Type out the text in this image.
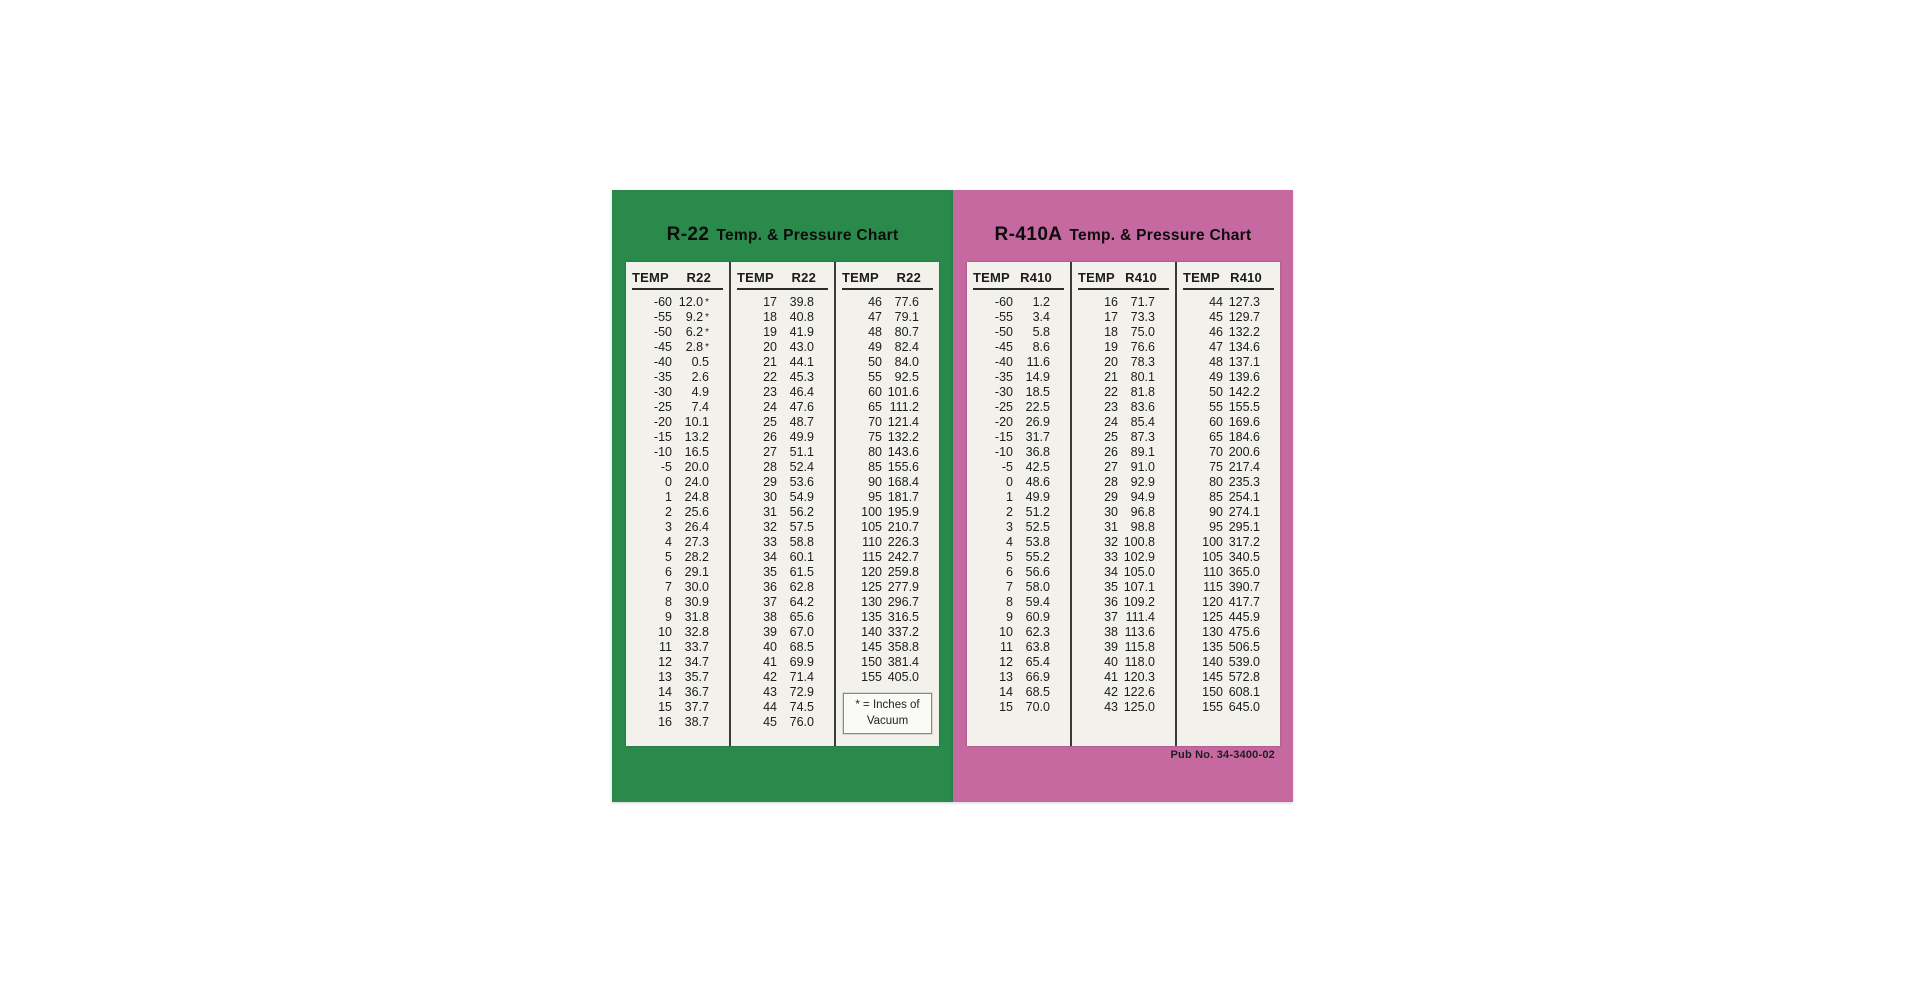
R-22 Temp. & Pressure Chart
TEMP	R22
-60 12.0 *
-55	9.2 *
-50	6.2 *
-45	2.8 *
-40	0.5
-35	2.6
-30	4.9
-25	7.4
-20	10.1
-15	13.2
-10	16.5
-5	20.0
0	24.0
1	24.8
2	25.6
3	26.4
4	27.3
5	28.2
6	29.1
7	30.0
8	30.9
9	31.8
10	32.8
11	33.7
12	34.7
13	35.7
14	36.7
15	37.7
16	38.7
TEMP	R22
17	39.8
18	40.8
19	41.9
20	43.0
21	44.1
22	45.3
23	46.4
24	47.6
25	48.7
26	49.9
27	51.1
28	52.4
29	53.6
30	54.9
31	56.2
32	57.5
33	58.8
34	60.1
35	61.5
36	62.8
37	64.2
38	65.6
39	67.0
40	68.5
41	69.9
42	71.4
43	72.9
44	74.5
45	76.0
TEMP	R22
46	77.6
47	79.1
48	80.7
49	82.4
50	84.0
55	92.5
60 101.6
65 111.2
70 121.4
75 132.2
80 143.6
85 155.6
90 168.4
95 181.7
100 195.9
105 210.7
110 226.3
115 242.7
120 259.8
125 277.9
130 296.7
135 316.5
140 337.2
145 358.8
150 381.4
155 405.0
* = Inches of
Vacuum
R-410A Temp. & Pressure Chart
TEMP R410
-60	1.2
-55	3.4
-50	5.8
-45	8.6
-40	11.6
-35	14.9
-30	18.5
-25	22.5
-20	26.9
-15	31.7
-10	36.8
-5	42.5
0	48.6
1	49.9
2	51.2
3	52.5
4	53.8
5	55.2
6	56.6
7	58.0
8	59.4
9	60.9
10	62.3
11	63.8
12	65.4
13	66.9
14	68.5
15	70.0
TEMP R410
16	71.7
17	73.3
18	75.0
19	76.6
20	78.3
21	80.1
22	81.8
23	83.6
24	85.4
25	87.3
26	89.1
27	91.0
28	92.9
29	94.9
30	96.8
31	98.8
32 100.8
33 102.9
34 105.0
35 107.1
36 109.2
37 111.4
38 113.6
39 115.8
40 118.0
41 120.3
42 122.6
43 125.0
TEMP R410
44 127.3
45 129.7
46 132.2
47 134.6
48 137.1
49 139.6
50 142.2
55 155.5
60 169.6
65 184.6
70 200.6
75 217.4
80 235.3
85 254.1
90 274.1
95 295.1
100 317.2
105 340.5
110 365.0
115 390.7
120 417.7
125 445.9
130 475.6
135 506.5
140 539.0
145 572.8
150 608.1
155 645.0
Pub No. 34-3400-02
